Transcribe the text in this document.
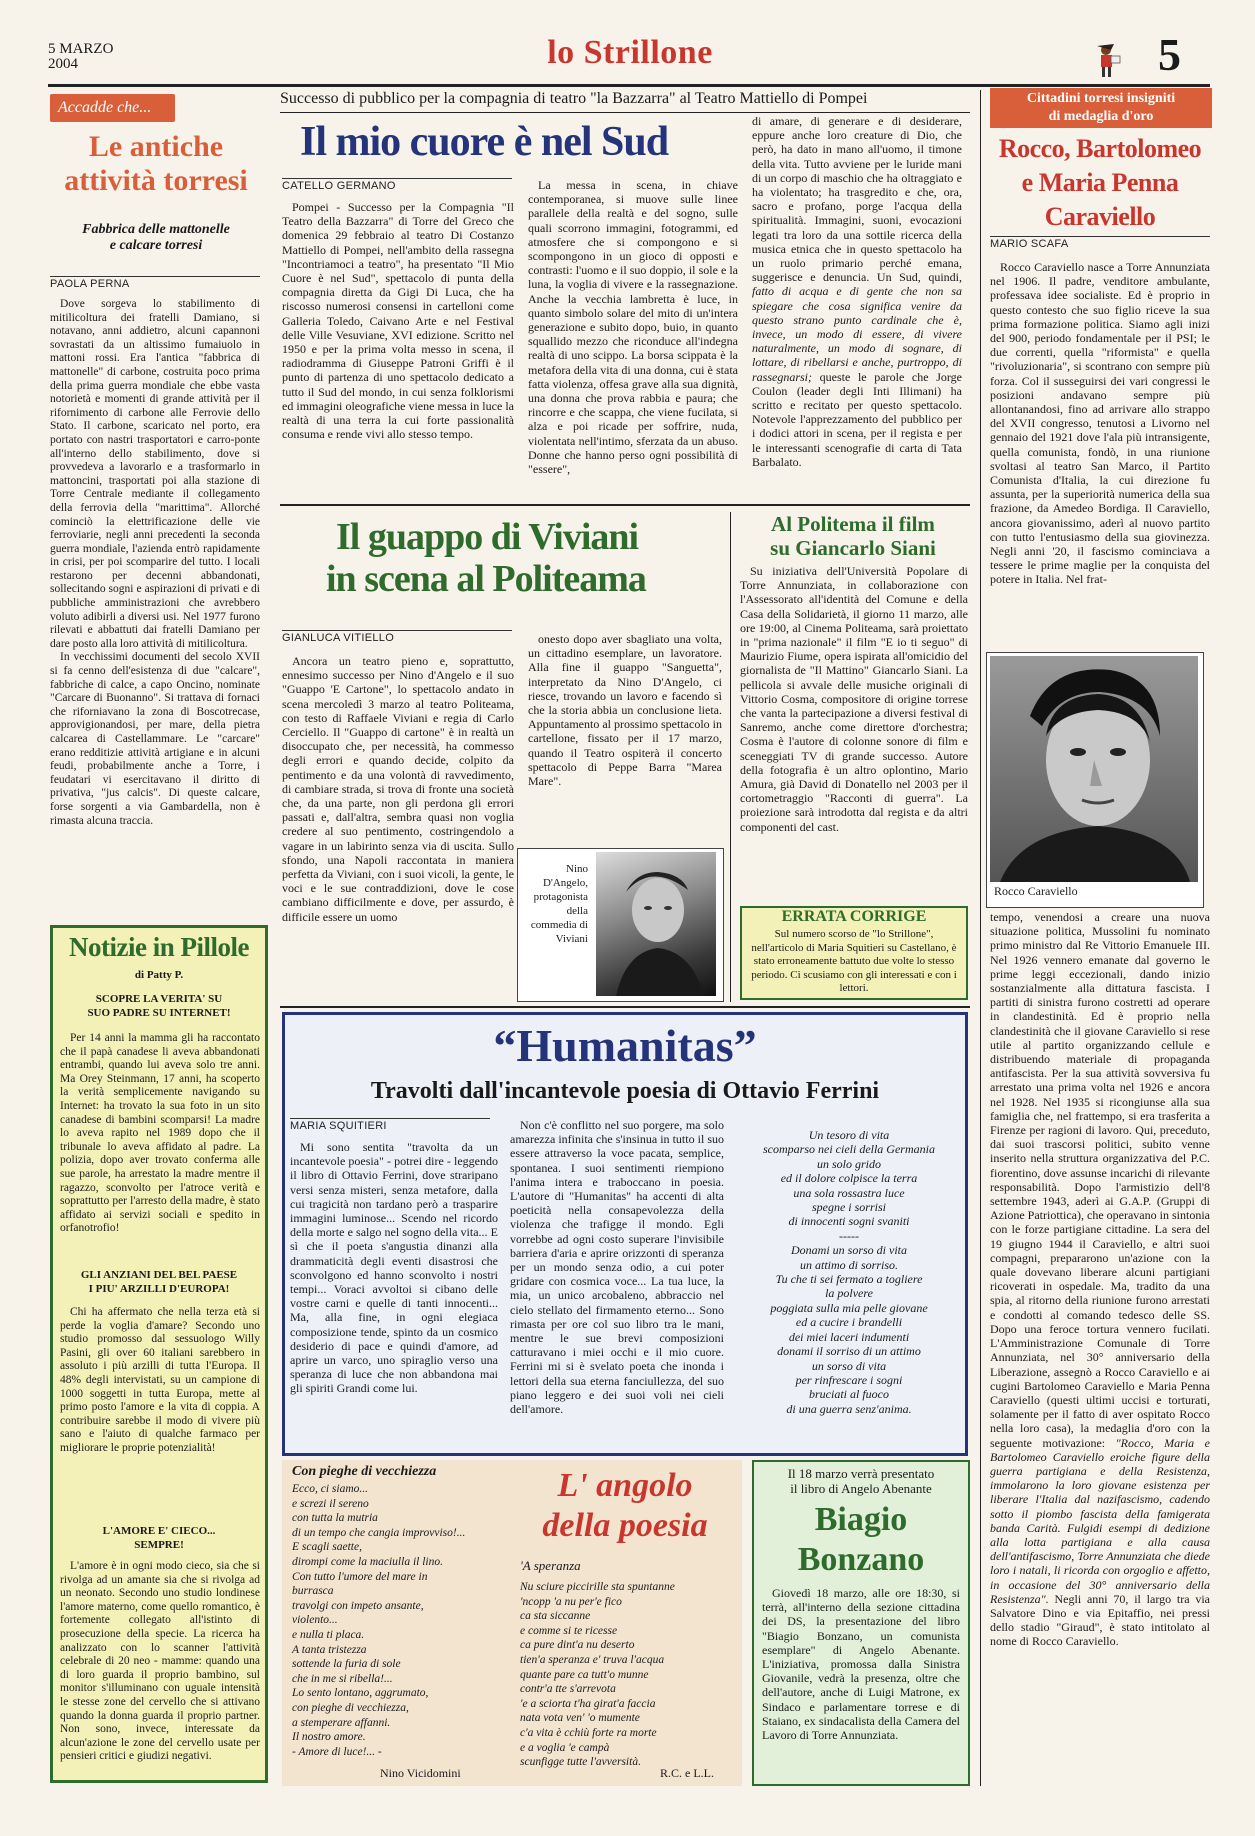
5 MARZO
2004	lo Strillone	5
Accadde che...
Le antiche
attività torresi
Fabbrica delle mattonelle
e calcare torresi
PAOLA PERNA

Dove sorgeva lo stabilimento di mitilicoltura dei fratelli Damiano, si notavano, anni addietro, alcuni capannoni sovrastati da un altissimo fumaiuolo in mattoni rossi. Era l'antica "fabbrica di mattonelle" di carbone, costruita poco prima della prima guerra mondiale che ebbe vasta notorietà e momenti di grande attività per il rifornimento di carbone alle Ferrovie dello Stato. Il carbone, scaricato nel porto, era portato con nastri trasportatori e carro-ponte all'interno dello stabilimento, dove si provvedeva a lavorarlo e a trasformarlo in mattoncini, trasportati poi alla stazione di Torre Centrale mediante il collegamento della ferrovia della "marittima". Allorché cominciò la elettrificazione delle vie ferroviarie, negli anni precedenti la seconda guerra mondiale, l'azienda entrò rapidamente in crisi, per poi scomparire del tutto. I locali restarono per decenni abbandonati, sollecitando sogni e aspirazioni di privati e di pubbliche amministrazioni che avrebbero voluto adibirli a diversi usi. Nel 1977 furono rilevati e abbattuti dai fratelli Damiano per dare posto alla loro attività di mitilicoltura.

In vecchissimi documenti del secolo XVII si fa cenno dell'esistenza di due "calcare", fabbriche di calce, a capo Oncino, nominate "Carcare di Buonanno". Si trattava di fornaci che riforniavano la zona di Boscotrecase, approvigionandosi, per mare, della pietra calcarea di Castellammare. Le "carcare" erano redditizie attività artigiane e in alcuni feudi, probabilmente anche a Torre, i feudatari vi esercitavano il diritto di privativa, "jus calcis". Di queste calcare, forse sorgenti a via Gambardella, non è rimasta alcuna traccia.

Notizie in Pillole
di Patty P.
SCOPRE LA VERITA' SU
SUO PADRE SU INTERNET!

Per 14 anni la mamma gli ha raccontato che il papà canadese li aveva abbandonati entrambi, quando lui aveva solo tre anni. Ma Orey Steinmann, 17 anni, ha scoperto la verità semplicemente navigando su Internet: ha trovato la sua foto in un sito canadese di bambini scomparsi! La madre lo aveva rapito nel 1989 dopo che il tribunale lo aveva affidato al padre. La polizia, dopo aver trovato conferma alle sue parole, ha arrestato la madre mentre il ragazzo, sconvolto per l'atroce verità e soprattutto per l'arresto della madre, è stato affidato ai servizi sociali e spedito in orfanotrofio!

GLI ANZIANI DEL BEL PAESE
I PIU' ARZILLI D'EUROPA!

Chi ha affermato che nella terza età si perde la voglia d'amare? Secondo uno studio promosso dal sessuologo Willy Pasini, gli over 60 italiani sarebbero in assoluto i più arzilli di tutta l'Europa. Il 48% degli intervistati, su un campione di 1000 soggetti in tutta Europa, mette al primo posto l'amore e la vita di coppia. A contribuire sarebbe il modo di vivere più sano e l'aiuto di qualche farmaco per migliorare le proprie potenzialità!

L'AMORE E' CIECO...
SEMPRE!

L'amore è in ogni modo cieco, sia che si rivolga ad un amante sia che si rivolga ad un neonato. Secondo uno studio londinese l'amore materno, come quello romantico, è fortemente collegato all'istinto di prosecuzione della specie. La ricerca ha analizzato con lo scanner l'attività celebrale di 20 neo - mamme: quando una di loro guarda il proprio bambino, sul monitor s'illuminano con uguale intensità le stesse zone del cervello che si attivano quando la donna guarda il proprio partner. Non sono, invece, interessate da alcun'azione le zone del cervello usate per pensieri critici e giudizi negativi.

Successo di pubblico per la compagnia di teatro "la Bazzarra" al Teatro Mattiello di Pompei
Il mio cuore è nel Sud
CATELLO GERMANO

Pompei - Successo per la Compagnia "Il Teatro della Bazzarra" di Torre del Greco che domenica 29 febbraio al teatro Di Costanzo Mattiello di Pompei, nell'ambito della rassegna "Incontriamoci a teatro", ha presentato "Il Mio Cuore è nel Sud", spettacolo di punta della compagnia diretta da Gigi Di Luca, che ha riscosso numerosi consensi in cartelloni come Galleria Toledo, Caivano Arte e nel Festival delle Ville Vesuviane, XVI edizione. Scritto nel 1950 e per la prima volta messo in scena, il radiodramma di Giuseppe Patroni Griffi è il punto di partenza di uno spettacolo dedicato a tutto il Sud del mondo, in cui senza folklorismi ed immagini oleografiche viene messa in luce la realtà di una terra la cui forte passionalità consuma e rende vivi allo stesso tempo.

La messa in scena, in chiave contemporanea, si muove sulle linee parallele della realtà e del sogno, sulle quali scorrono immagini, fotogrammi, ed atmosfere che si compongono e si scompongono in un gioco di opposti e contrasti: l'uomo e il suo doppio, il sole e la luna, la voglia di vivere e la rassegnazione. Anche la vecchia lambretta è luce, in quanto simbolo solare del mito di un'intera generazione e subito dopo, buio, in quanto squallido mezzo che riconduce all'indegna realtà di uno scippo. La borsa scippata è la metafora della vita di una donna, cui è stata fatta violenza, offesa grave alla sua dignità, una donna che prova rabbia e paura; che rincorre e che scappa, che viene fucilata, si alza e poi ricade per soffrire, nuda, violentata nell'intimo, sferzata da un abuso. Donne che hanno perso ogni possibilità di "essere",

di amare, di generare e di desiderare, eppure anche loro creature di Dio, che però, ha dato in mano all'uomo, il timone della vita. Tutto avviene per le luride mani di un corpo di maschio che ha oltraggiato e ha violentato; ha trasgredito e che, ora, sacro e profano, porge l'acqua della spiritualità. Immagini, suoni, evocazioni legati tra loro da una sottile ricerca della musica etnica che in questo spettacolo ha un ruolo primario perché emana, suggerisce e denuncia. Un Sud, quindi, fatto di acqua e di gente che non sa spiegare che cosa significa venire da questo strano punto cardinale che è, invece, un modo di essere, di vivere naturalmente, un modo di sognare, di lottare, di ribellarsi e anche, purtroppo, di rassegnarsi; queste le parole che Jorge Coulon (leader degli Inti Illimani) ha scritto e recitato per questo spettacolo. Notevole l'apprezzamento del pubblico per i dodici attori in scena, per il regista e per le interessanti scenografie di carta di Tata Barbalato.
Il guappo di Viviani
in scena al Politeama
GIANLUCA VITIELLO

Ancora un teatro pieno e, soprattutto, ennesimo successo per Nino d'Angelo e il suo "Guappo 'E Cartone", lo spettacolo andato in scena mercoledì 3 marzo al teatro Politeama, con testo di Raffaele Viviani e regia di Carlo Cerciello. Il "Guappo di cartone" è in realtà un disoccupato che, per necessità, ha commesso degli errori e quando decide, colpito da pentimento e da una volontà di ravvedimento, di cambiare strada, si trova di fronte una società che, da una parte, non gli perdona gli errori passati e, dall'altra, sembra quasi non voglia credere al suo pentimento, costringendolo a vagare in un labirinto senza via di uscita. Sullo sfondo, una Napoli raccontata in maniera perfetta da Viviani, con i suoi vicoli, la gente, le voci e le sue contraddizioni, dove le cose cambiano difficilmente e dove, per assurdo, è difficile essere un uomo

onesto dopo aver sbagliato una volta, un cittadino esemplare, un lavoratore. Alla fine il guappo "Sanguetta", interpretato da Nino D'Angelo, ci riesce, trovando un lavoro e facendo sì che la storia abbia un conclusione lieta. Appuntamento al prossimo spettacolo in cartellone, fissato per il 17 marzo, quando il Teatro ospiterà il concerto spettacolo di Peppe Barra "Marea Mare".

Nino
D'Angelo,
protagonista
della
commedia di
Viviani
Al Politema il film
su Giancarlo Siani

Su iniziativa dell'Università Popolare di Torre Annunziata, in collaborazione con l'Assessorato all'identità del Comune e della Casa della Solidarietà, il giorno 11 marzo, alle ore 19:00, al Cinema Politeama, sarà proiettato in "prima nazionale" il film "E io ti seguo" di Maurizio Fiume, opera ispirata all'omicidio del giornalista de "Il Mattino" Giancarlo Siani. La pellicola si avvale delle musiche originali di Vittorio Cosma, compositore di origine torrese che vanta la partecipazione a diversi festival di Sanremo, anche come direttore d'orchestra; Cosma è l'autore di colonne sonore di film e sceneggiati TV di grande successo. Autore della fotografia è un altro oplontino, Mario Amura, già David di Donatello nel 2003 per il cortometraggio "Racconti di guerra". La proiezione sarà introdotta dal regista e da altri componenti del cast.

ERRATA CORRIGE
Sul numero scorso de "lo Strillone", nell'articolo di Maria Squitieri su Castellano, è stato erroneamente battuto due volte lo stesso periodo. Ci scusiamo con gli interessati e con i lettori.
“Humanitas”
Travolti dall'incantevole poesia di Ottavio Ferrini
MARIA SQUITIERI

Mi sono sentita "travolta da un incantevole poesia" - potrei dire - leggendo il libro di Ottavio Ferrini, dove straripano versi senza misteri, senza metafore, dalla cui tragicità non tardano però a trasparire immagini luminose... Scendo nel ricordo della morte e salgo nel sogno della vita... E sì che il poeta s'angustia dinanzi alla drammaticità degli eventi disastrosi che sconvolgono ed hanno sconvolto i nostri tempi... Voraci avvoltoi si cibano delle vostre carni e quelle di tanti innocenti... Ma, alla fine, in ogni elegiaca composizione tende, spinto da un cosmico desiderio di pace e quindi d'amore, ad aprire un varco, uno spiraglio verso una speranza di luce che non abbandona mai gli spiriti Grandi come lui.

Non c'è conflitto nel suo porgere, ma solo amarezza infinita che s'insinua in tutto il suo essere attraverso la voce pacata, semplice, spontanea. I suoi sentimenti riempiono l'anima intera e traboccano in poesia. L'autore di "Humanitas" ha accenti di alta poeticità nella consapevolezza della violenza che trafigge il mondo. Egli vorrebbe ad ogni costo superare l'invisibile barriera d'aria e aprire orizzonti di speranza per un mondo senza odio, a cui poter gridare con cosmica voce... La tua luce, la mia, un unico arcobaleno, abbraccio nel cielo stellato del firmamento eterno... Sono rimasta per ore col suo libro tra le mani, mentre le sue brevi composizioni catturavano i miei occhi e il mio cuore. Ferrini mi si è svelato poeta che inonda i lettori della sua eterna fanciullezza, del suo piano leggero e dei suoi voli nei cieli dell'amore.

Un tesoro di vita
scomparso nei cieli della Germania
un solo grido
ed il dolore colpisce la terra
una sola rossastra luce
spegne i sorrisi
di innocenti sogni svaniti
-----
Donami un sorso di vita
un attimo di sorriso.
Tu che ti sei fermato a togliere
la polvere
poggiata sulla mia pelle giovane
ed a cucire i brandelli
dei miei laceri indumenti
donami il sorriso di un attimo
un sorso di vita
per rinfrescare i sogni
bruciati al fuoco
di una guerra senz'anima.
Con pieghe di vecchiezza
Ecco, ci siamo...
e screzi il sereno
con tutta la mutria
di un tempo che cangia improvviso!...
E scagli saette,
dirompi come la maciulla il lino.
Con tutto l'umore del mare in
burrasca
travolgi con impeto ansante,
violento...
e nulla ti placa.
A tanta tristezza
sottende la furia di sole
che in me si ribella!...
Lo sento lontano, aggrumato,
con pieghe di vecchiezza,
a stemperare affanni.
Il nostro amore.
- Amore di luce!... -
Nino Vicidomini
L' angolo
della poesia
'A speranza
Nu sciure piccirille sta spuntanne
'ncopp 'a nu per'e fico
ca sta siccanne
e comme si te ricesse
ca pure dint'a nu deserto
tien'a speranza e' truva l'acqua
quante pare ca tutt'o munne
contr'a tte s'arrevota
'e a sciorta t'ha girat'a faccia
nata vota ven' 'o mumente
c'a vita è cchiù forte ra morte
e a voglia 'e campà
scunfigge tutte l'avversità.
R.C. e L.L.
Il 18 marzo verrà presentato
il libro di Angelo Abenante
Biagio
Bonzano

Giovedì 18 marzo, alle ore 18:30, si terrà, all'interno della sezione cittadina dei DS, la presentazione del libro "Biagio Bonzano, un comunista esemplare" di Angelo Abenante. L'iniziativa, promossa dalla Sinistra Giovanile, vedrà la presenza, oltre che dell'autore, anche di Luigi Matrone, ex Sindaco e parlamentare torrese e di Staiano, ex sindacalista della Camera del Lavoro di Torre Annunziata.

Cittadini torresi insigniti
di medaglia d'oro
Rocco, Bartolomeo
e Maria Penna
Caraviello
MARIO SCAFA

Rocco Caraviello nasce a Torre Annunziata nel 1906. Il padre, venditore ambulante, professava idee socialiste. Ed è proprio in questo contesto che suo figlio riceve la sua prima formazione politica. Siamo agli inizi del 900, periodo fondamentale per il PSI; le due correnti, quella "riformista" e quella "rivoluzionaria", si scontrano con sempre più forza. Col il susseguirsi dei vari congressi le posizioni andavano sempre più allontanandosi, fino ad arrivare allo strappo del XVII congresso, tenutosi a Livorno nel gennaio del 1921 dove l'ala più intransigente, quella comunista, fondò, in una riunione svoltasi al teatro San Marco, il Partito Comunista d'Italia, la cui direzione fu assunta, per la superiorità numerica della sua frazione, da Amedeo Bordiga. Il Caraviello, ancora giovanissimo, aderì al nuovo partito con tutto l'entusiasmo della sua giovinezza. Negli anni '20, il fascismo cominciava a tessere le prime maglie per la conquista del potere in Italia. Nel frat-

Rocco Caraviello
tempo, venendosi a creare una nuova situazione politica, Mussolini fu nominato primo ministro dal Re Vittorio Emanuele III. Nel 1926 vennero emanate dal governo le prime leggi eccezionali, dando inizio sostanzialmente alla dittatura fascista. I partiti di sinistra furono costretti ad operare in clandestinità. Ed è proprio nella clandestinità che il giovane Caraviello si rese utile al partito organizzando cellule e distribuendo materiale di propaganda antifascista. Per la sua attività sovversiva fu arrestato una prima volta nel 1926 e ancora nel 1928. Nel 1935 si ricongiunse alla sua famiglia che, nel frattempo, si era trasferita a Firenze per ragioni di lavoro. Qui, preceduto, dai suoi trascorsi politici, subito venne inserito nella struttura organizzativa del P.C. fiorentino, dove assunse incarichi di rilevante responsabilità. Dopo l'armistizio dell'8 settembre 1943, aderì ai G.A.P. (Gruppi di Azione Patriottica), che operavano in sintonia con le forze partigiane cittadine. La sera del 19 giugno 1944 il Caraviello, e altri suoi compagni, prepararono un'azione con la quale dovevano liberare alcuni partigiani ricoverati in ospedale. Ma, tradito da una spia, al ritorno della riunione furono arrestati e condotti al comando tedesco delle SS. Dopo una feroce tortura vennero fucilati. L'Amministrazione Comunale di Torre Annunziata, nel 30° anniversario della Liberazione, assegnò a Rocco Caraviello e ai cugini Bartolomeo Caraviello e Maria Penna Caraviello (questi ultimi uccisi e torturati, solamente per il fatto di aver ospitato Rocco nella loro casa), la medaglia d'oro con la seguente motivazione: "Rocco, Maria e Bartolomeo Caraviello eroiche figure della guerra partigiana e della Resistenza, immolarono la loro giovane esistenza per liberare l'Italia dal nazifascismo, cadendo sotto il piombo fascista della famigerata banda Carità. Fulgidi esempi di dedizione alla lotta partigiana e alla causa dell'antifascismo, Torre Annunziata che diede loro i natali, li ricorda con orgoglio e affetto, in occasione del 30° anniversario della Resistenza". Negli anni 70, il largo tra via Salvatore Dino e via Epitaffio, nei pressi dello stadio "Giraud", è stato intitolato al nome di Rocco Caraviello.
